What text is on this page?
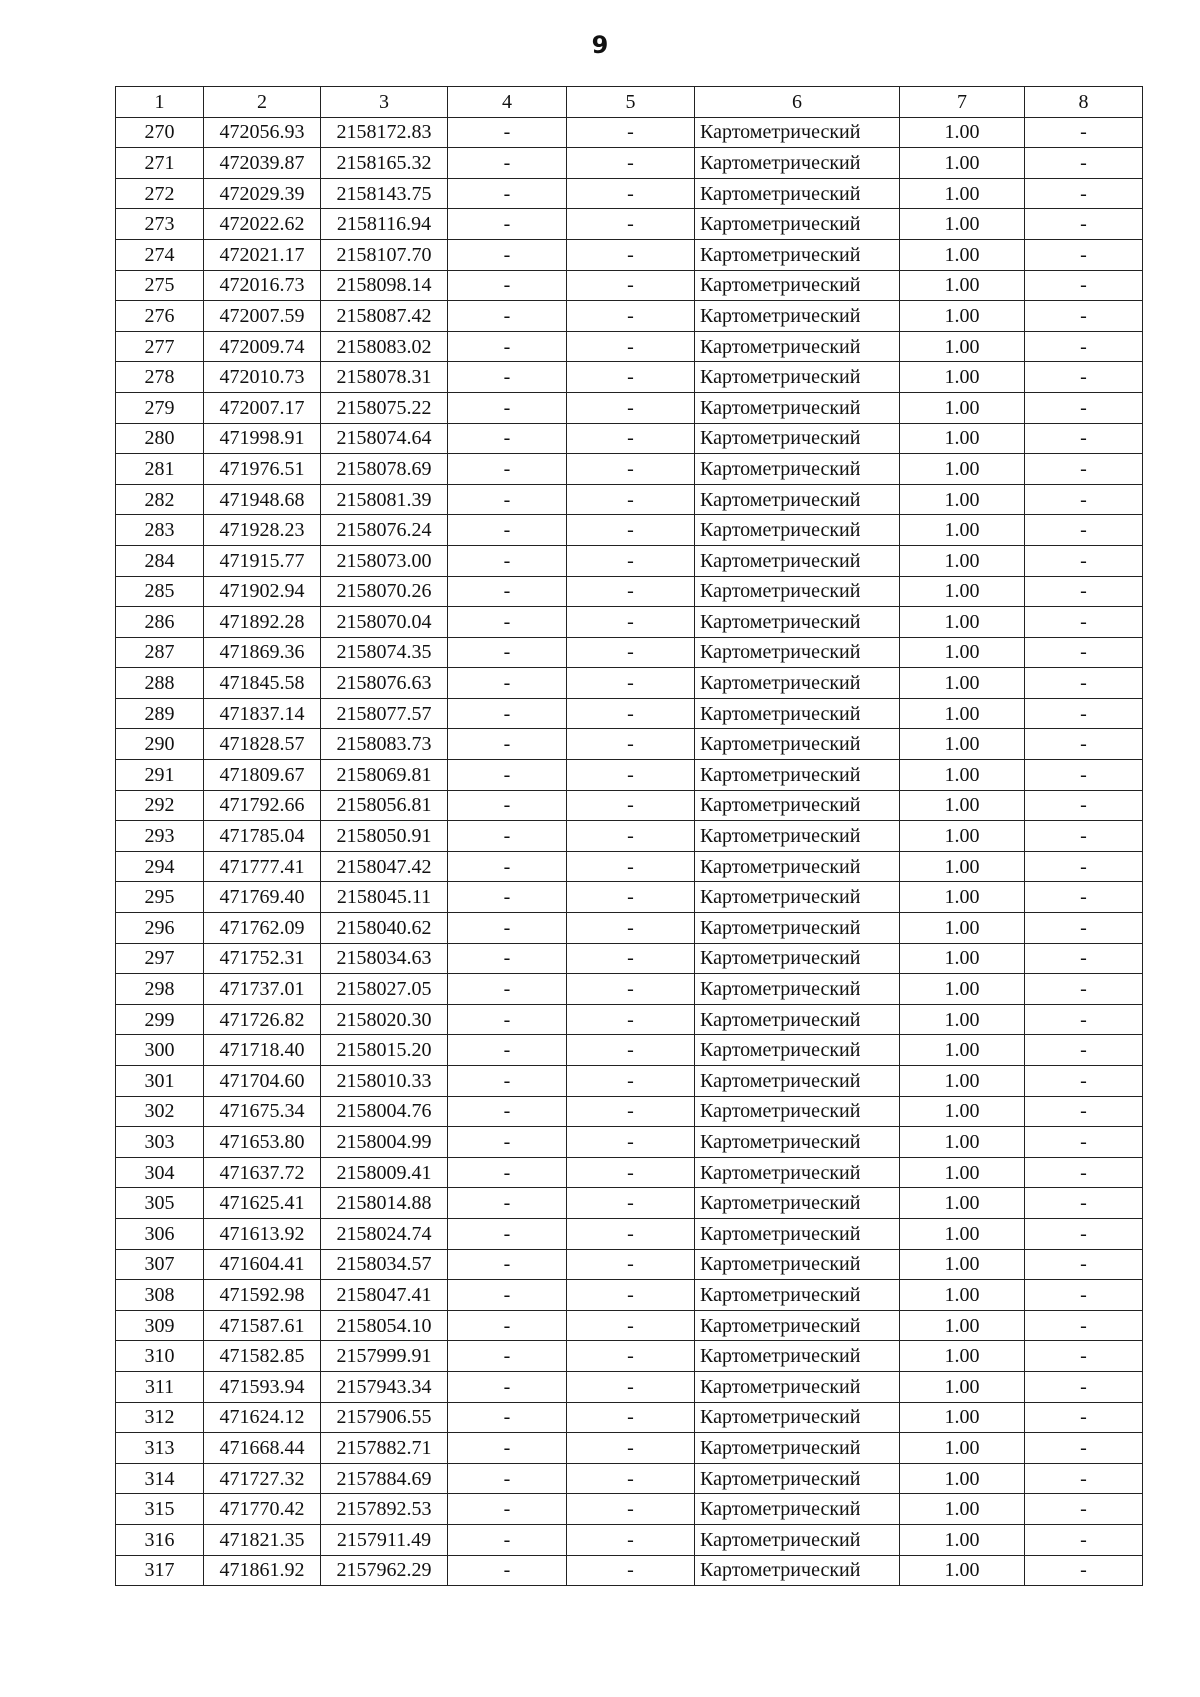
9
1	2	3	4	5	6	7	8
270	472056.93	2158172.83	-	-	Картометрический	1.00	-
271	472039.87	2158165.32	-	-	Картометрический	1.00	-
272	472029.39	2158143.75	-	-	Картометрический	1.00	-
273	472022.62	2158116.94	-	-	Картометрический	1.00	-
274	472021.17	2158107.70	-	-	Картометрический	1.00	-
275	472016.73	2158098.14	-	-	Картометрический	1.00	-
276	472007.59	2158087.42	-	-	Картометрический	1.00	-
277	472009.74	2158083.02	-	-	Картометрический	1.00	-
278	472010.73	2158078.31	-	-	Картометрический	1.00	-
279	472007.17	2158075.22	-	-	Картометрический	1.00	-
280	471998.91	2158074.64	-	-	Картометрический	1.00	-
281	471976.51	2158078.69	-	-	Картометрический	1.00	-
282	471948.68	2158081.39	-	-	Картометрический	1.00	-
283	471928.23	2158076.24	-	-	Картометрический	1.00	-
284	471915.77	2158073.00	-	-	Картометрический	1.00	-
285	471902.94	2158070.26	-	-	Картометрический	1.00	-
286	471892.28	2158070.04	-	-	Картометрический	1.00	-
287	471869.36	2158074.35	-	-	Картометрический	1.00	-
288	471845.58	2158076.63	-	-	Картометрический	1.00	-
289	471837.14	2158077.57	-	-	Картометрический	1.00	-
290	471828.57	2158083.73	-	-	Картометрический	1.00	-
291	471809.67	2158069.81	-	-	Картометрический	1.00	-
292	471792.66	2158056.81	-	-	Картометрический	1.00	-
293	471785.04	2158050.91	-	-	Картометрический	1.00	-
294	471777.41	2158047.42	-	-	Картометрический	1.00	-
295	471769.40	2158045.11	-	-	Картометрический	1.00	-
296	471762.09	2158040.62	-	-	Картометрический	1.00	-
297	471752.31	2158034.63	-	-	Картометрический	1.00	-
298	471737.01	2158027.05	-	-	Картометрический	1.00	-
299	471726.82	2158020.30	-	-	Картометрический	1.00	-
300	471718.40	2158015.20	-	-	Картометрический	1.00	-
301	471704.60	2158010.33	-	-	Картометрический	1.00	-
302	471675.34	2158004.76	-	-	Картометрический	1.00	-
303	471653.80	2158004.99	-	-	Картометрический	1.00	-
304	471637.72	2158009.41	-	-	Картометрический	1.00	-
305	471625.41	2158014.88	-	-	Картометрический	1.00	-
306	471613.92	2158024.74	-	-	Картометрический	1.00	-
307	471604.41	2158034.57	-	-	Картометрический	1.00	-
308	471592.98	2158047.41	-	-	Картометрический	1.00	-
309	471587.61	2158054.10	-	-	Картометрический	1.00	-
310	471582.85	2157999.91	-	-	Картометрический	1.00	-
311	471593.94	2157943.34	-	-	Картометрический	1.00	-
312	471624.12	2157906.55	-	-	Картометрический	1.00	-
313	471668.44	2157882.71	-	-	Картометрический	1.00	-
314	471727.32	2157884.69	-	-	Картометрический	1.00	-
315	471770.42	2157892.53	-	-	Картометрический	1.00	-
316	471821.35	2157911.49	-	-	Картометрический	1.00	-
317	471861.92	2157962.29	-	-	Картометрический	1.00	-
